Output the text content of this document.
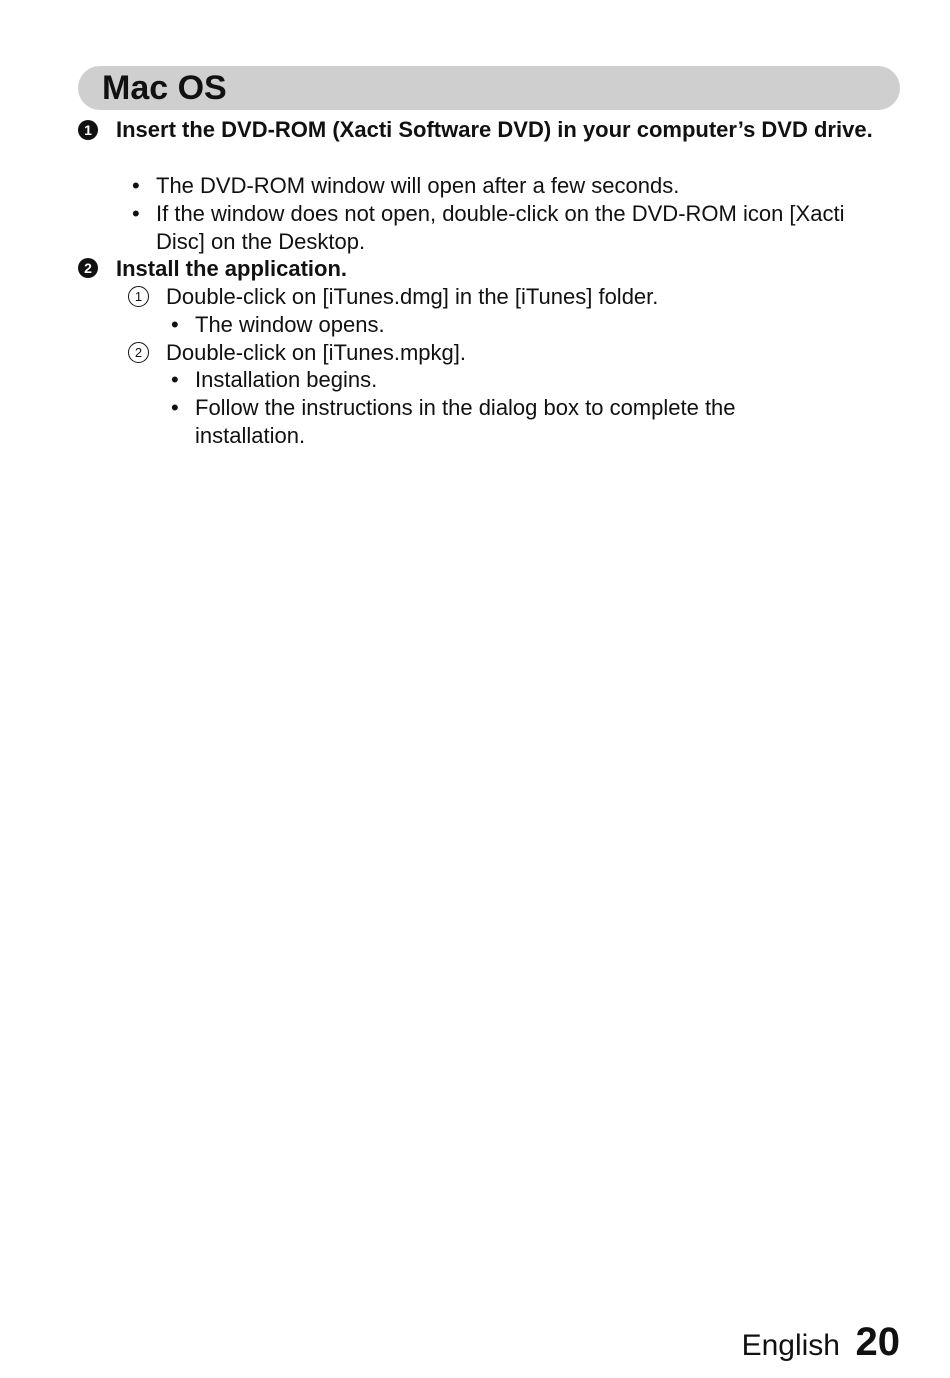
Mac OS
1 Insert the DVD-ROM (Xacti Software DVD) in your computer’s DVD drive.
• The DVD-ROM window will open after a few seconds.
• If the window does not open, double-click on the DVD-ROM icon [Xacti Disc] on the Desktop.
2 Install the application.
1	Double-click on [iTunes.dmg] in the [iTunes] folder.
• The window opens.
2	Double-click on [iTunes.mpkg].
• Installation begins.
• Follow the instructions in the dialog box to complete the installation.
English 20
